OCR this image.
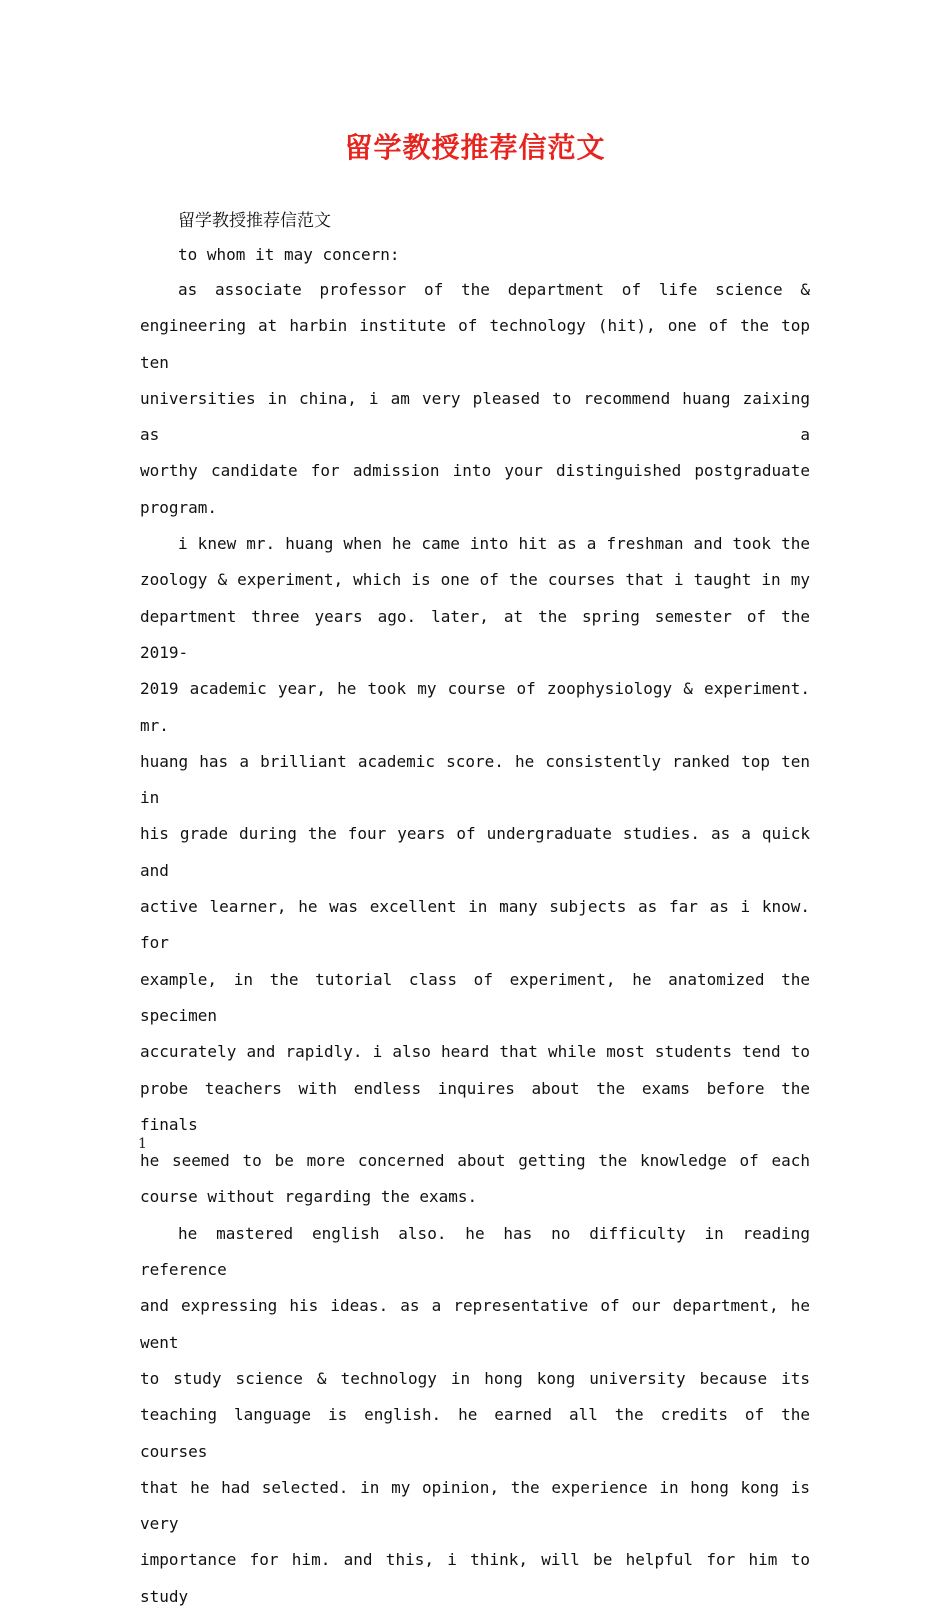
留学教授推荐信范文
留学教授推荐信范文
to whom it may concern:
as associate professor of the department of life science &
engineering at harbin institute of technology (hit), one of the top ten
universities in china, i am very pleased to recommend huang zaixing as a
worthy candidate for admission into your distinguished postgraduate
program.
i knew mr. huang when he came into hit as a freshman and took the
zoology & experiment, which is one of the courses that i taught in my
department three years ago. later, at the spring semester of the 2019-
2019 academic year, he took my course of zoophysiology & experiment. mr.
huang has a brilliant academic score. he consistently ranked top ten in
his grade during the four years of undergraduate studies. as a quick and
active learner, he was excellent in many subjects as far as i know. for
example, in the tutorial class of experiment, he anatomized the specimen
accurately and rapidly. i also heard that while most students tend to
probe teachers with endless inquires about the exams before the finals
he seemed to be more concerned about getting the knowledge of each
course without regarding the exams.
he mastered english also. he has no difficulty in reading reference
and expressing his ideas. as a representative of our department, he went
to study science & technology in hong kong university because its
teaching language is english. he earned all the credits of the courses
that he had selected. in my opinion, the experience in hong kong is very
importance for him. and this, i think, will be helpful for him to study
1
